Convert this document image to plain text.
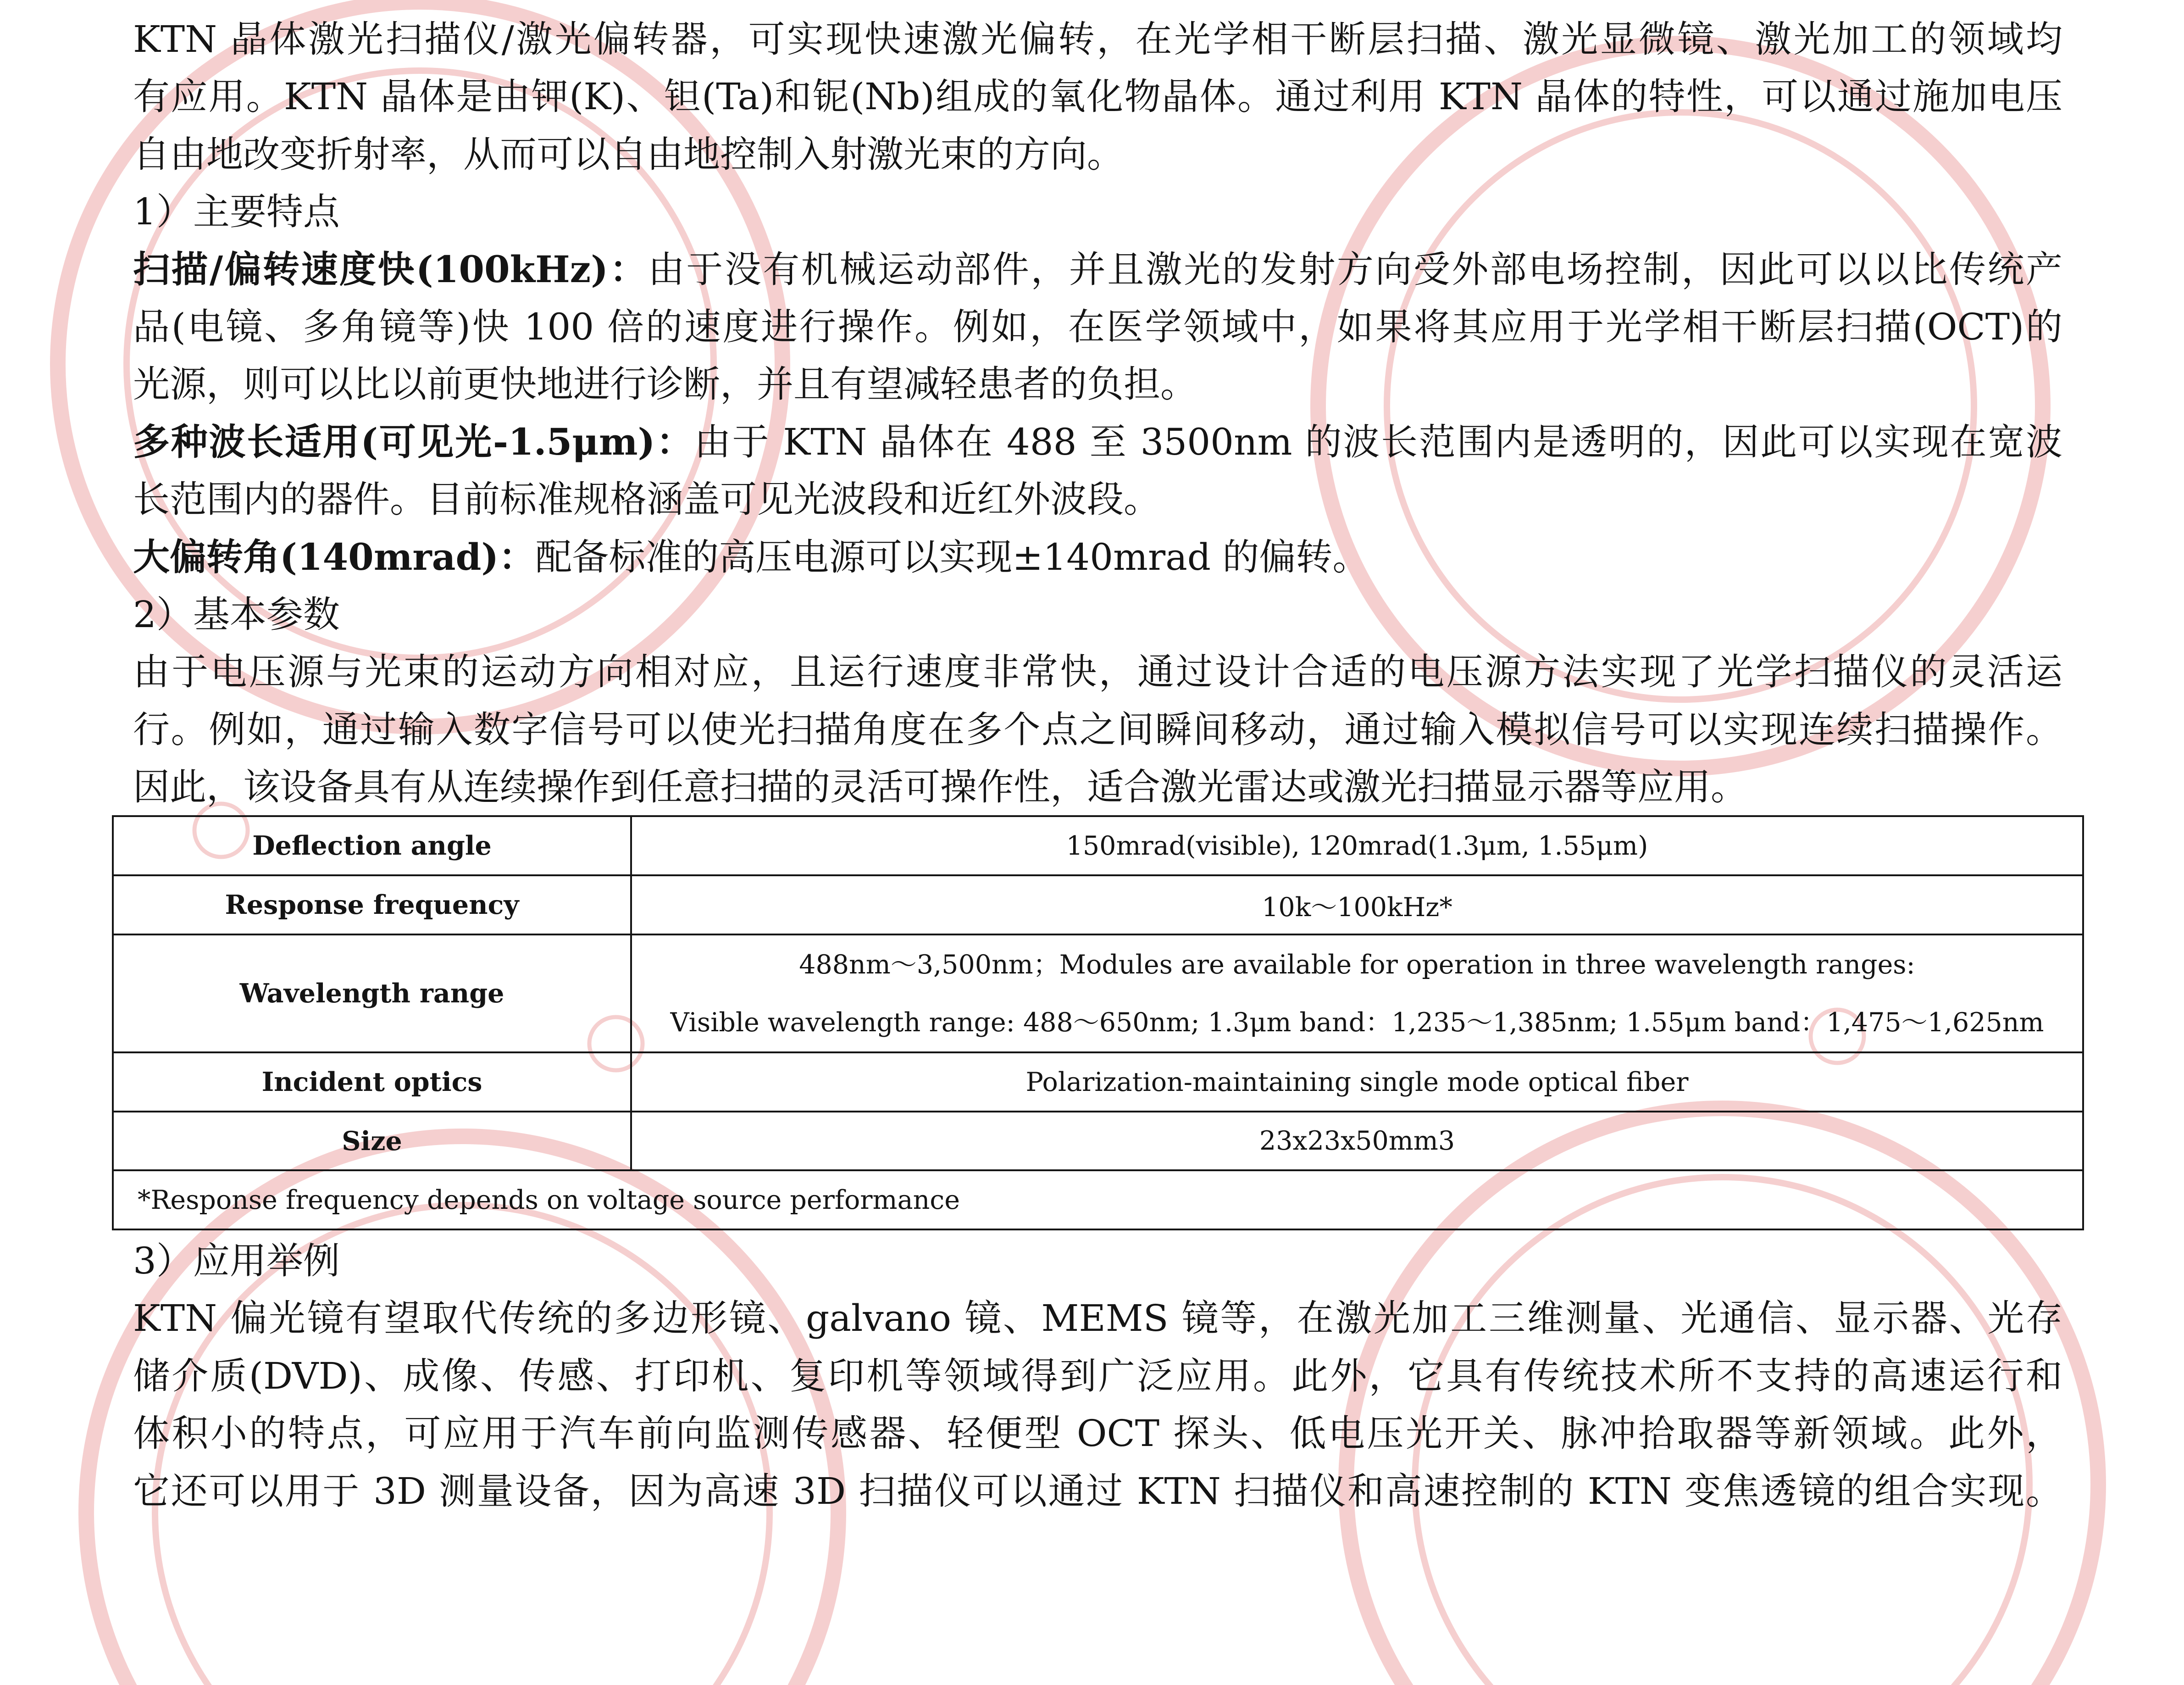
KTN 晶体激光扫描仪/激光偏转器，可实现快速激光偏转，在光学相干断层扫描、激光显微镜、激光加工的领域均
有应用。KTN 晶体是由钾(K)、钽(Ta)和铌(Nb)组成的氧化物晶体。通过利用 KTN 晶体的特性，可以通过施加电压
自由地改变折射率，从而可以自由地控制入射激光束的方向。
1）主要特点
扫描/偏转速度快(100kHz)：由于没有机械运动部件，并且激光的发射方向受外部电场控制，因此可以以比传统产
品(电镜、多角镜等)快 100 倍的速度进行操作。例如，在医学领域中，如果将其应用于光学相干断层扫描(OCT)的
光源，则可以比以前更快地进行诊断，并且有望减轻患者的负担。
多种波长适用(可见光-1.5μm)：由于 KTN 晶体在 488 至 3500nm 的波长范围内是透明的，因此可以实现在宽波
长范围内的器件。目前标准规格涵盖可见光波段和近红外波段。
大偏转角(140mrad)：配备标准的高压电源可以实现±140mrad 的偏转。
2）基本参数
由于电压源与光束的运动方向相对应，且运行速度非常快，通过设计合适的电压源方法实现了光学扫描仪的灵活运
行。例如，通过输入数字信号可以使光扫描角度在多个点之间瞬间移动，通过输入模拟信号可以实现连续扫描操作。
因此，该设备具有从连续操作到任意扫描的灵活可操作性，适合激光雷达或激光扫描显示器等应用。
Deflection angle	150mrad(visible), 120mrad(1.3μm, 1.55μm)
Response frequency	10k～100kHz*
Wavelength range	488nm～3,500nm；Modules are available for operation in three wavelength ranges:
Visible wavelength range: 488～650nm; 1.3μm band：1,235～1,385nm; 1.55μm band：1,475～1,625nm

Incident optics	Polarization-maintaining single mode optical fiber
Size	23x23x50mm3
*Response frequency depends on voltage source performance	
3）应用举例
KTN 偏光镜有望取代传统的多边形镜、galvano 镜、MEMS 镜等，在激光加工三维测量、光通信、显示器、光存
储介质(DVD)、成像、传感、打印机、复印机等领域得到广泛应用。此外，它具有传统技术所不支持的高速运行和
体积小的特点，可应用于汽车前向监测传感器、轻便型 OCT 探头、低电压光开关、脉冲拾取器等新领域。此外，
它还可以用于 3D 测量设备，因为高速 3D 扫描仪可以通过 KTN 扫描仪和高速控制的 KTN 变焦透镜的组合实现。
